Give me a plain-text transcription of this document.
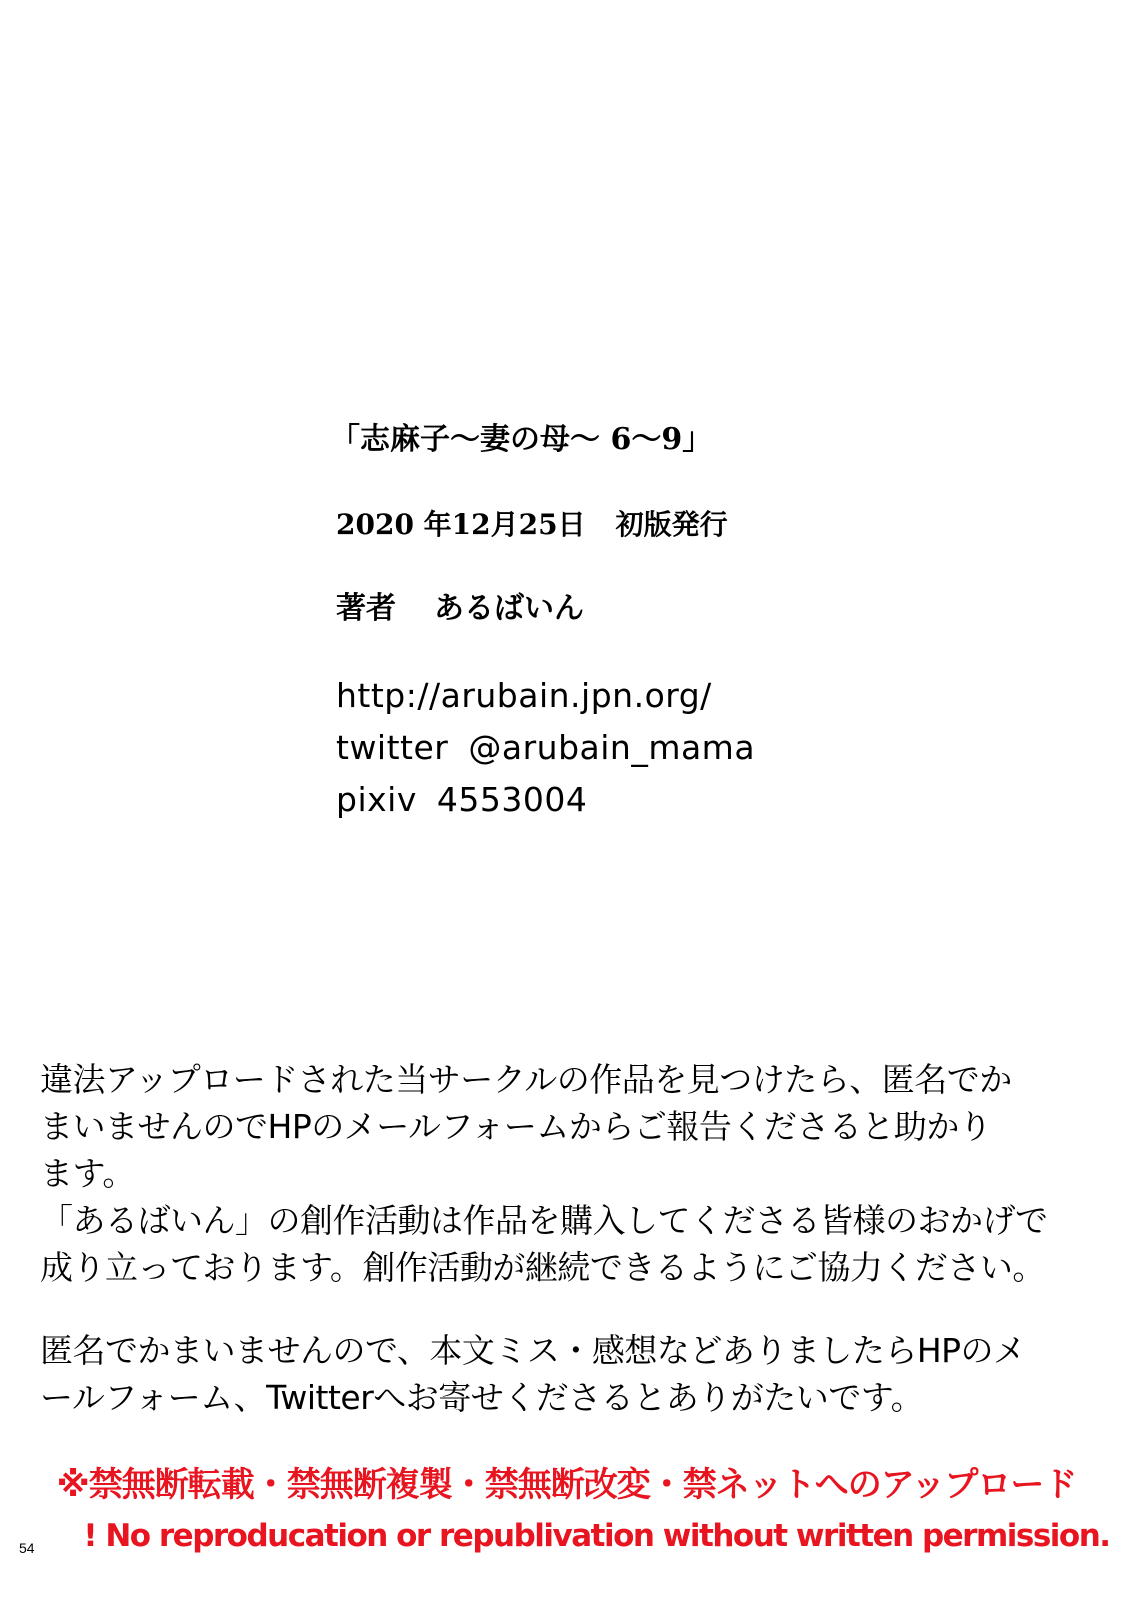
「志麻子〜妻の母〜 6〜9」
2020 年12月25日 初版発行
著者 あるばいん
http://arubain.jpn.org/
twitter @arubain_mama
pixiv 4553004

違法アップロードされた当サークルの作品を見つけたら、匿名でか

まいませんのでHPのメールフォームからご報告くださると助かり

ます。

「あるばいん」の創作活動は作品を購入してくださる皆様のおかげで

成り立っております。創作活動が継続できるようにご協力ください。

匿名でかまいませんので、本文ミス・感想などありましたらHPのメ

ールフォーム、Twitterへお寄せくださるとありがたいです。

※禁無断転載・禁無断複製・禁無断改変・禁ネットへのアップロード
! No reproducation or republivation without written permission.
54
